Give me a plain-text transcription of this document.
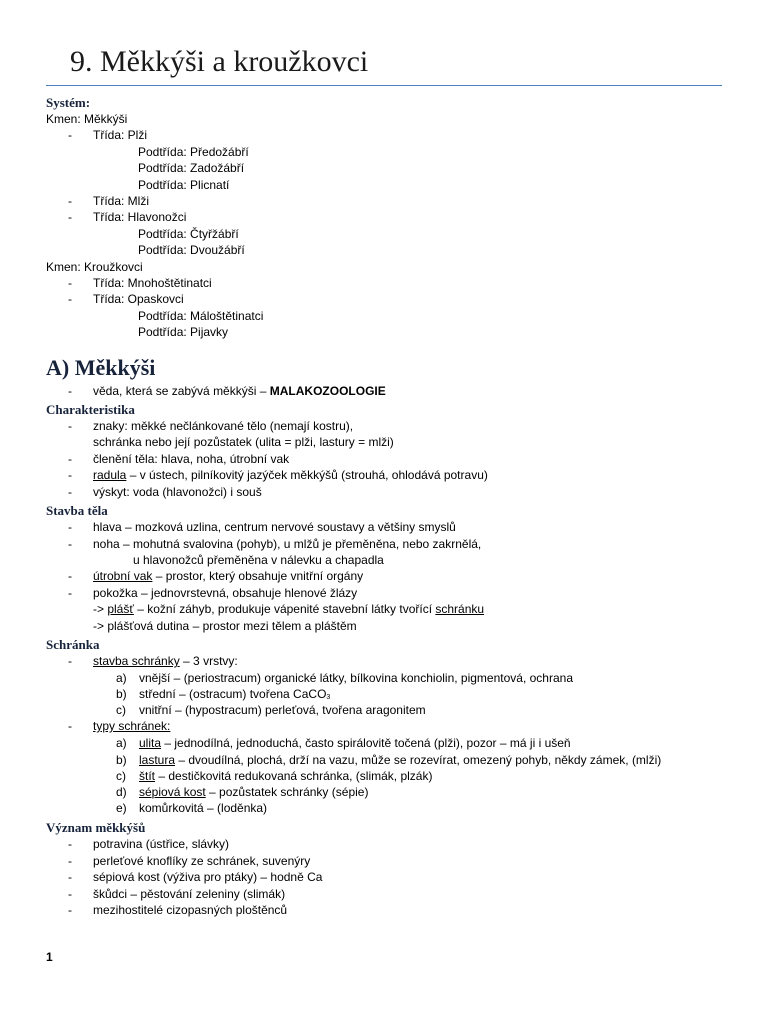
9. Měkkýši a kroužkovci
Systém:
Kmen: Měkkýši
- Třída: Plži
Podtřída: Předožábří
Podtřída: Zadožábří
Podtřída: Plicnatí
- Třída: Mlži
- Třída: Hlavonožci
Podtřída: Čtyřžábří
Podtřída: Dvoužábří
Kmen: Kroužkovci
- Třída: Mnohoštětinatci
- Třída: Opaskovci
Podtřída: Máloštětinatci
Podtřída: Pijavky
A) Měkkýši
- věda, která se zabývá měkkýši – MALAKOZOOLOGIE
Charakteristika
- znaky: měkké nečlánkované tělo (nemají kostru),
schránka nebo její pozůstatek (ulita = plži, lastury = mlži)
- členění těla: hlava, noha, útrobní vak
- radula – v ústech, pilníkovitý jazýček měkkýšů (strouhá, ohlodává potravu)
- výskyt: voda (hlavonožci) i souš
Stavba těla
- hlava – mozková uzlina, centrum nervové soustavy a většiny smyslů
- noha – mohutná svalovina (pohyb), u mlžů je přeměněna, nebo zakrnělá,
u hlavonožců přeměněna v nálevku a chapadla
- útrobní vak – prostor, který obsahuje vnitřní orgány
- pokožka – jednovrstevná, obsahuje hlenové žlázy
-> plášť – kožní záhyb, produkuje vápenité stavební látky tvořící schránku
-> plášťová dutina – prostor mezi tělem a pláštěm
Schránka
- stavba schránky – 3 vrstvy:
a) vnější – (periostracum) organické látky, bílkovina konchiolin, pigmentová, ochrana
b) střední – (ostracum) tvořena CaCO$_3$
c) vnitřní – (hypostracum) perleťová, tvořena aragonitem
- typy schránek:
a) ulita – jednodílná, jednoduchá, často spirálovitě točená (plži), pozor – má ji i ušeň
b) lastura – dvoudílná, plochá, drží na vazu, může se rozevírat, omezený pohyb, někdy zámek, (mlži)
c) štít – destičkovitá redukovaná schránka, (slimák, plzák)
d) sépiová kost – pozůstatek schránky (sépie)
e) komůrkovitá – (loděnka)
Význam měkkýšů
- potravina (ústřice, slávky)
- perleťové knoflíky ze schránek, suvenýry
- sépiová kost (výživa pro ptáky) – hodně Ca
- škůdci – pěstování zeleniny (slimák)
- mezihostitelé cizopasných ploštěnců
1
